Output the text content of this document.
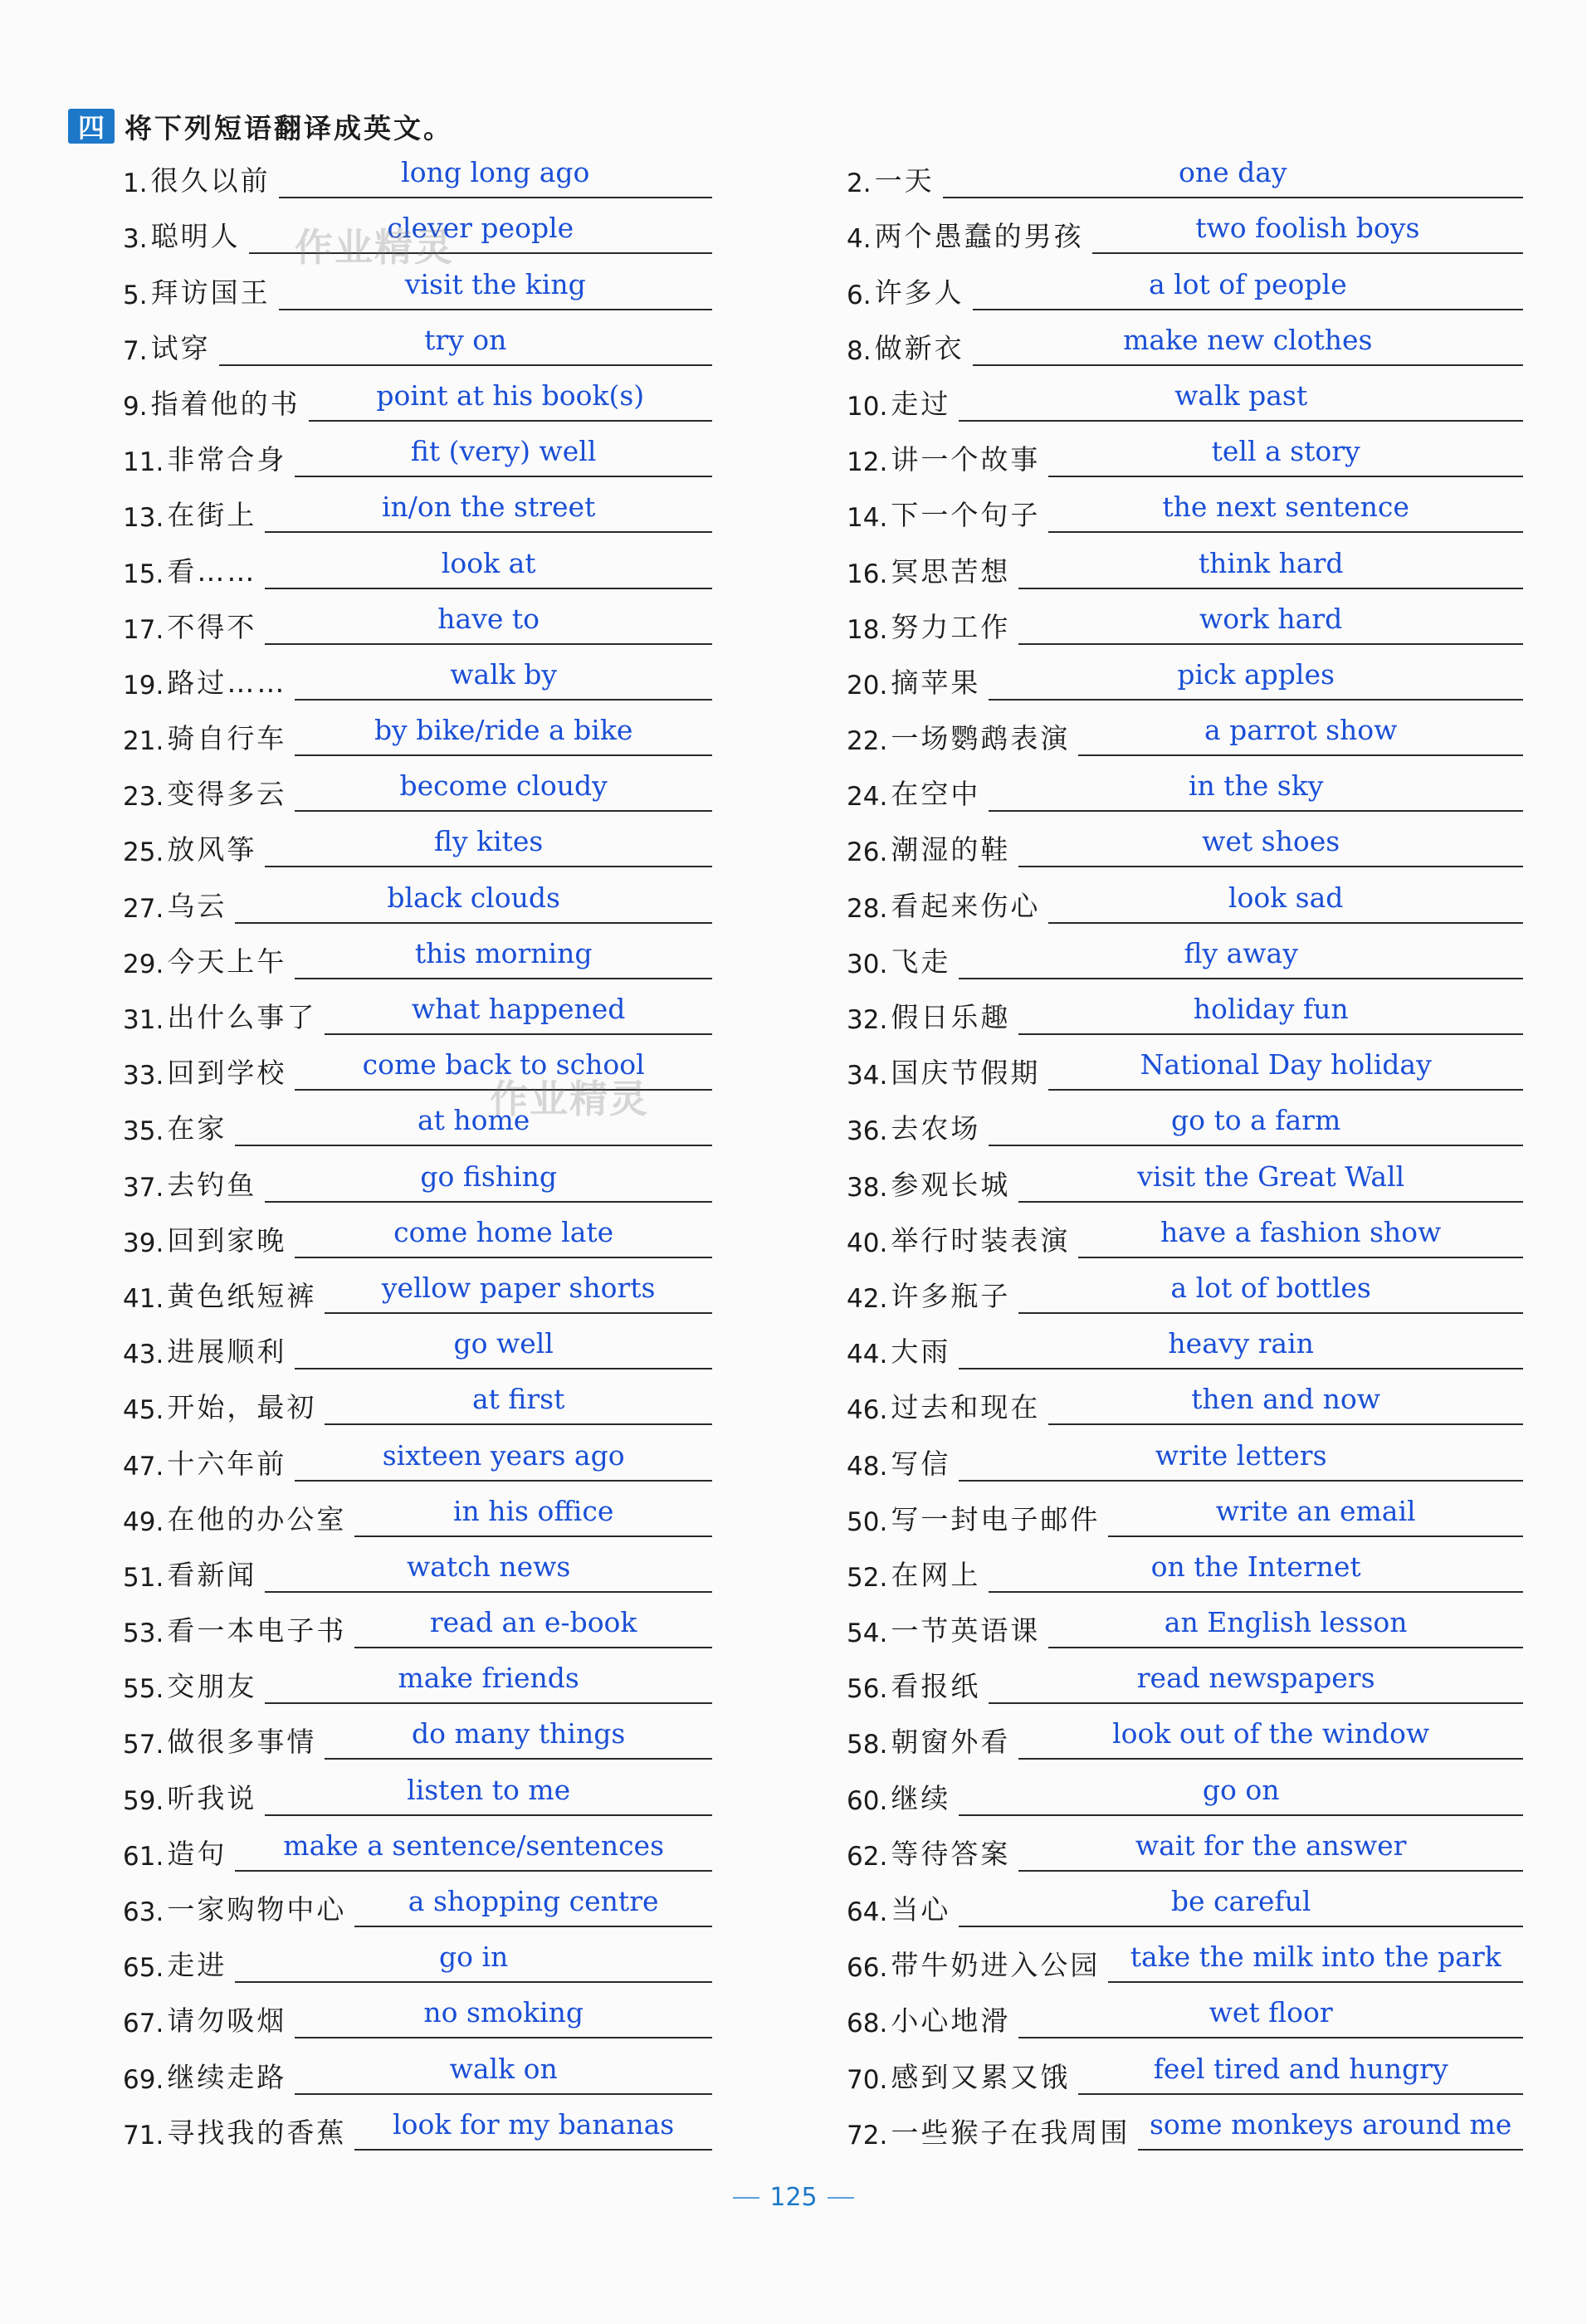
四 将下列短语翻译成英文。
1. 很久以前	long long ago
3. 聪明人	clever people
5. 拜访国王	visit the king
7. 试穿	try on
9. 指着他的书	point at his book(s)
11. 非常合身	fit (very) well
13. 在街上	in/on the street
15. 看……	look at
17. 不得不	have to
19. 路过……	walk by
21. 骑自行车	by bike/ride a bike
23. 变得多云	become cloudy
25. 放风筝	fly kites
27. 乌云	black clouds
29. 今天上午	this morning
31. 出什么事了	what happened
33. 回到学校	come back to school
35. 在家	at home
37. 去钓鱼	go fishing
39. 回到家晚	come home late
41. 黄色纸短裤	yellow paper shorts
43. 进展顺利	go well
45. 开始，最初	at first
47. 十六年前	sixteen years ago
49. 在他的办公室	in his office
51. 看新闻	watch news
53. 看一本电子书	read an e-book
55. 交朋友	make friends
57. 做很多事情	do many things
59. 听我说	listen to me
61. 造句	make a sentence/sentences
63. 一家购物中心	a shopping centre
65. 走进	go in
67. 请勿吸烟	no smoking
69. 继续走路	walk on
71. 寻找我的香蕉	look for my bananas
2. 一天	one day
4. 两个愚蠢的男孩	two foolish boys
6. 许多人	a lot of people
8. 做新衣	make new clothes
10. 走过	walk past
12. 讲一个故事	tell a story
14. 下一个句子	the next sentence
16. 冥思苦想	think hard
18. 努力工作	work hard
20. 摘苹果	pick apples
22. 一场鹦鹉表演	a parrot show
24. 在空中	in the sky
26. 潮湿的鞋	wet shoes
28. 看起来伤心	look sad
30. 飞走	fly away
32. 假日乐趣	holiday fun
34. 国庆节假期	National Day holiday
36. 去农场	go to a farm
38. 参观长城	visit the Great Wall
40. 举行时装表演	have a fashion show
42. 许多瓶子	a lot of bottles
44. 大雨	heavy rain
46. 过去和现在	then and now
48. 写信	write letters
50. 写一封电子邮件	write an email
52. 在网上	on the Internet
54. 一节英语课	an English lesson
56. 看报纸	read newspapers
58. 朝窗外看	look out of the window
60. 继续	go on
62. 等待答案	wait for the answer
64. 当心	be careful
66. 带牛奶进入公园	take the milk into the park
68. 小心地滑	wet floor
70. 感到又累又饿	feel tired and hungry
72. 一些猴子在我周围 some monkeys around me
作业精灵
作业精灵
125
